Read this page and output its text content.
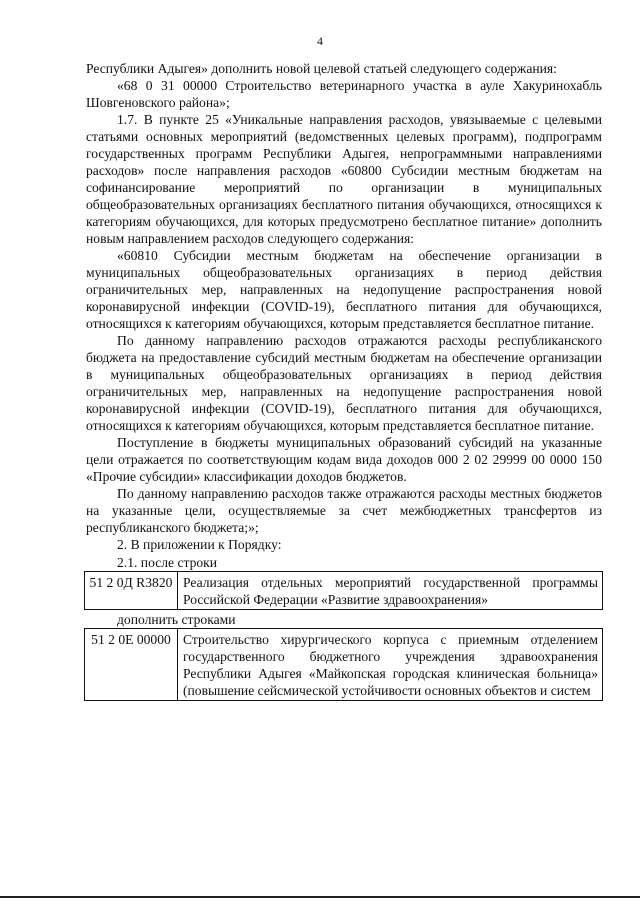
4

Республики Адыгея» дополнить новой целевой статьей следующего содержания:

«68 0 31 00000 Строительство ветеринарного участка в ауле Хакуринохабль Шовгеновского района»;

1.7. В пункте 25 «Уникальные направления расходов, увязываемые с целевыми статьями основных мероприятий (ведомственных целевых программ), подпрограмм государственных программ Республики Адыгея, непрограммными направлениями расходов» после направления расходов «60800 Субсидии местным бюджетам на софинансирование мероприятий по организации в муниципальных общеобразовательных организациях бесплатного питания обучающихся, относящихся к категориям обучающихся, для которых предусмотрено бесплатное питание» дополнить новым направлением расходов следующего содержания:

«60810 Субсидии местным бюджетам на обеспечение организации в муниципальных общеобразовательных организациях в период действия ограничительных мер, направленных на недопущение распространения новой коронавирусной инфекции (COVID-19), бесплатного питания для обучающихся, относящихся к категориям обучающихся, которым представляется бесплатное питание.

По данному направлению расходов отражаются расходы республиканского бюджета на предоставление субсидий местным бюджетам на обеспечение организации в муниципальных общеобразовательных организациях в период действия ограничительных мер, направленных на недопущение распространения новой коронавирусной инфекции (COVID-19), бесплатного питания для обучающихся, относящихся к категориям обучающихся, которым представляется бесплатное питание.

Поступление в бюджеты муниципальных образований субсидий на указанные цели отражается по соответствующим кодам вида доходов 000 2 02 29999 00 0000 150 «Прочие субсидии» классификации доходов бюджетов.

По данному направлению расходов также отражаются расходы местных бюджетов на указанные цели, осуществляемые за счет межбюджетных трансфертов из республиканского бюджета;»;

2. В приложении к Порядку:

2.1. после строки

51 2 0Д R3820	Реализация отдельных мероприятий государственной программы Российской Федерации «Развитие здравоохранения»

дополнить строками

51 2 0Е 00000	Строительство хирургического корпуса с приемным отделением государственного бюджетного учреждения здравоохранения Республики Адыгея «Майкопская городская клиническая больница» (повышение сейсмической устойчивости основных объектов и систем
